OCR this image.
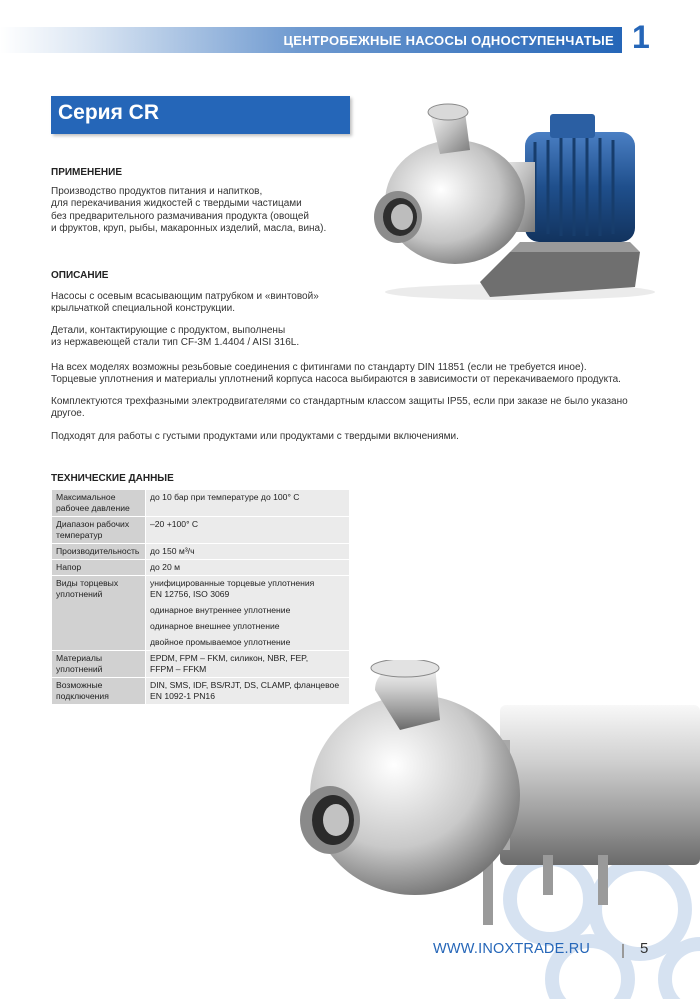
ЦЕНТРОБЕЖНЫЕ НАСОСЫ ОДНОСТУПЕНЧАТЫЕ 1
Серия CR
ПРИМЕНЕНИЕ
Производство продуктов питания и напитков,
для перекачивания жидкостей с твердыми частицами
без предварительного размачивания продукта (овощей
и фруктов, круп, рыбы, макаронных изделий, масла, вина).
ОПИСАНИЕ
Насосы с осевым всасывающим патрубком и «винтовой»
крыльчаткой специальной конструкции.
Детали, контактирующие с продуктом, выполнены
из нержавеющей стали тип CF-3M 1.4404 / AISI 316L.
На всех моделях возможны резьбовые соединения с фитингами по стандарту DIN 11851 (если не требуется иное).
Торцевые уплотнения и материалы уплотнений корпуса насоса выбираются в зависимости от перекачиваемого продукта.
Комплектуются трехфазными электродвигателями со стандартным классом защиты IP55, если при заказе не было указано
другое.
Подходят для работы с густыми продуктами или продуктами с твердыми включениями.
ТЕХНИЧЕСКИЕ ДАННЫЕ
Максимальное
рабочее давление	до 10 бар при температуре до 100° С
Диапазон рабочих
температур	–20 +100° С
Производительность	до 150 м³/ч
Напор	до 20 м
Виды торцевых
уплотнений	унифицированные торцевые уплотнения
EN 12756, ISO 3069
одинарное внутреннее уплотнение
одинарное внешнее уплотнение
двойное промываемое уплотнение

Материалы
уплотнений	EPDM, FPM – FKM, силикон, NBR, FEP,
FFPM – FFKM
Возможные
подключения	DIN, SMS, IDF, BS/RJT, DS, CLAMP, фланцевое
EN 1092-1 PN16
WWW.INOXTRADE.RU	5
